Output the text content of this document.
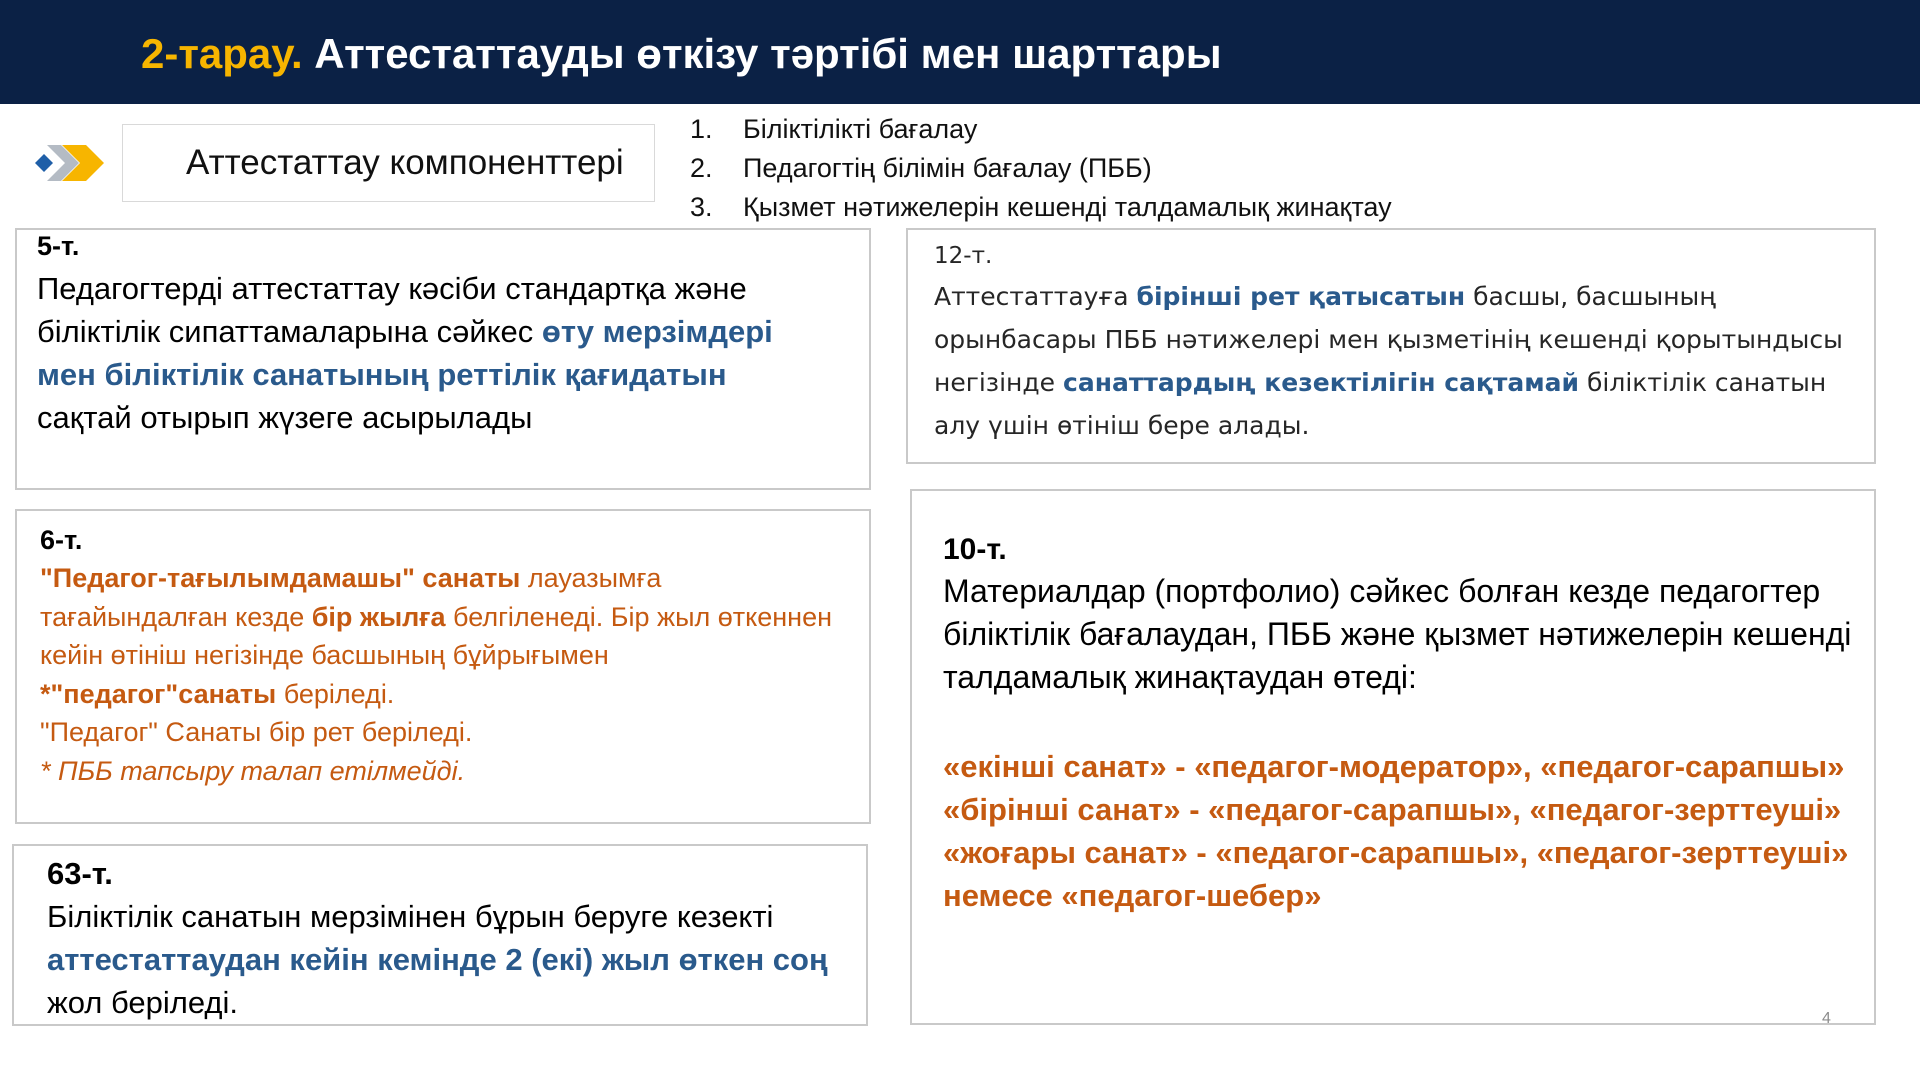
2-тарау. Аттестаттауды өткізу тәртібі мен шарттары
Аттестаттау компоненттері
1. Біліктілікті бағалау
2. Педагогтің білімін бағалау (ПББ)
3. Қызмет нәтижелерін кешенді талдамалық жинақтау
5-т.
Педагогтерді аттестаттау кәсіби стандартқа және біліктілік сипаттамаларына сәйкес өту мерзімдері мен біліктілік санатының реттілік қағидатын сақтай отырып жүзеге асырылады
6-т.
"Педагог-тағылымдамашы" санаты лауазымға тағайындалған кезде бір жылға белгіленеді. Бір жыл өткеннен кейін өтініш негізінде басшының бұйрығымен *"педагог"санаты беріледі.
"Педагог" Санаты бір рет беріледі.
* ПББ тапсыру талап етілмейді.
63-т.
Біліктілік санатын мерзімінен бұрын беруге кезекті аттестаттаудан кейін кемінде 2 (екі) жыл өткен соң жол беріледі.
12-т.
Аттестаттауға бірінші рет қатысатын басшы, басшының орынбасары ПББ нәтижелері мен қызметінің кешенді қорытындысы негізінде санаттардың кезектілігін сақтамай біліктілік санатын алу үшін өтініш бере алады.
10-т.
Материалдар (портфолио) сәйкес болған кезде педагогтер біліктілік бағалаудан, ПББ және қызмет нәтижелерін кешенді талдамалық жинақтаудан өтеді:
«екінші санат» - «педагог-модератор», «педагог-сарапшы»
«бірінші санат» - «педагог-сарапшы», «педагог-зерттеуші»
«жоғары санат» - «педагог-сарапшы», «педагог-зерттеуші» немесе «педагог-шебер»
4
